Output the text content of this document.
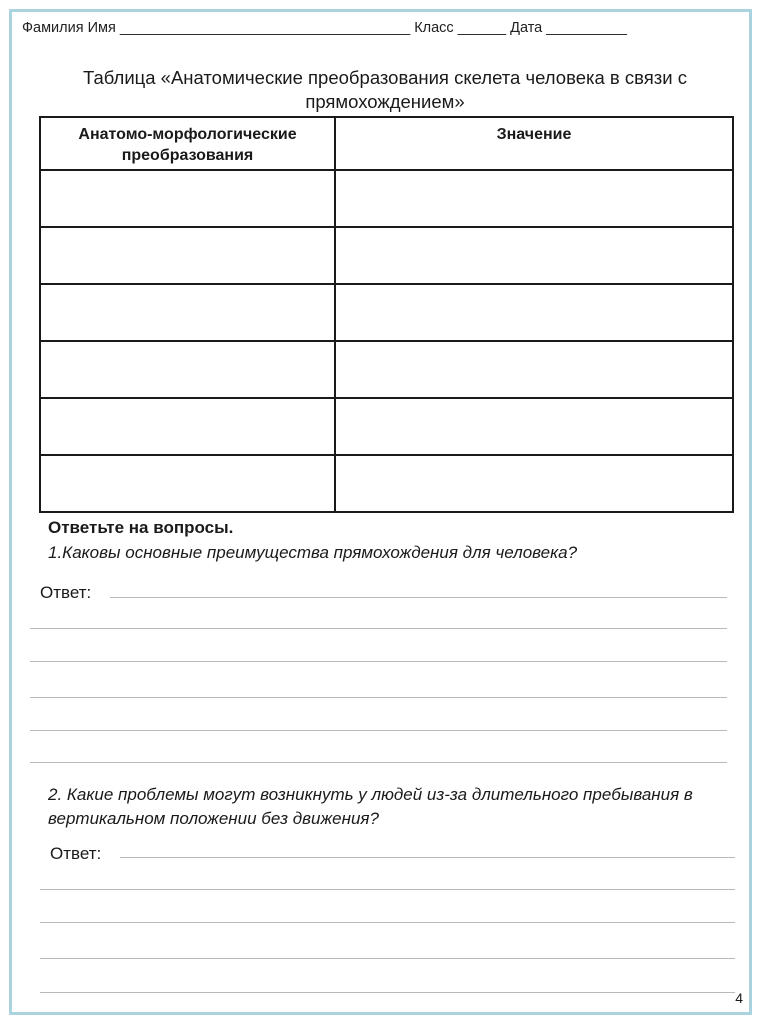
Фамилия Имя ____________________________________ Класс ______ Дата __________
Таблица «Анатомические преобразования скелета человека в связи с прямохождением»
Анатомо-морфологические преобразования	Значение

Ответьте на вопросы.
1.Каковы основные преимущества прямохождения для человека?
Ответ:
2. Какие проблемы могут возникнуть у людей из-за длительного пребывания в вертикальном положении без движения?
Ответ:
4
